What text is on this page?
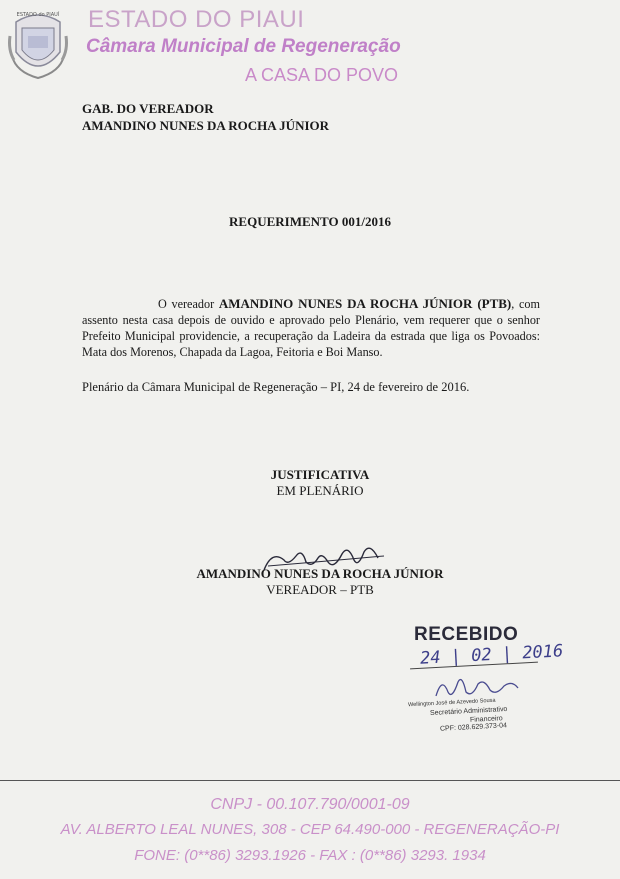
ESTADO do PIAUÍ ESTADO DO PIAUI
Câmara Municipal de Regeneração
A CASA DO POVO
GAB. DO VEREADOR
AMANDINO NUNES DA ROCHA JÚNIOR
REQUERIMENTO 001/2016
O vereador AMANDINO NUNES DA ROCHA JÚNIOR (PTB), com assento nesta casa depois de ouvido e aprovado pelo Plenário, vem requerer que o senhor Prefeito Municipal providencie, a recuperação da Ladeira da estrada que liga os Povoados: Mata dos Morenos, Chapada da Lagoa, Feitoria e Boi Manso.
Plenário da Câmara Municipal de Regeneração – PI, 24 de fevereiro de 2016.
JUSTIFICATIVA
EM PLENÁRIO
AMANDINO NUNES DA ROCHA JÚNIOR
VEREADOR – PTB
RECEBIDO
24 | 02 | 2016
Wellington José de Azevedo Sousa
Secretário Administrativo
Financeiro
CPF: 028.629.373-04
CNPJ - 00.107.790/0001-09
AV. ALBERTO LEAL NUNES, 308 - CEP 64.490-000 - REGENERAÇÃO-PI
FONE: (0**86) 3293.1926 - FAX : (0**86) 3293. 1934
